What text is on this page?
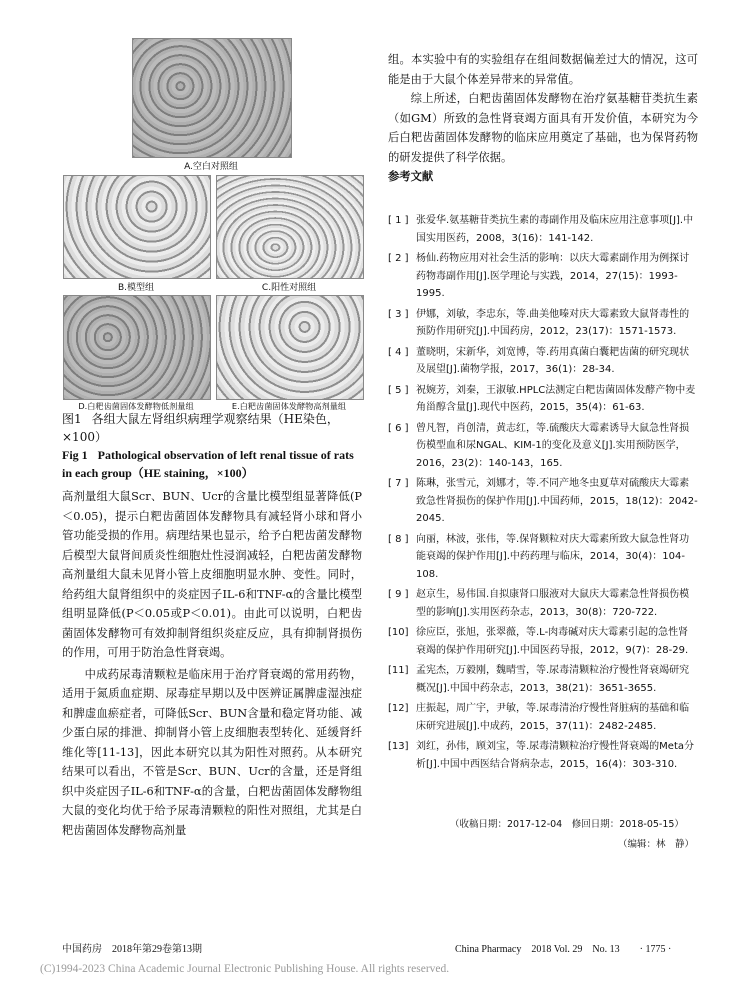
A.空白对照组
B.模型组	C.阳性对照组
D.白粑齿菌固体发酵物低剂量组	E.白粑齿菌固体发酵物高剂量组
图1 各组大鼠左肾组织病理学观察结果（HE染色，×100）
Fig 1 Pathological observation of left renal tissue of rats in each group（HE staining，×100）

高剂量组大鼠Scr、BUN、Ucr的含量比模型组显著降低(P＜0.05)，提示白粑齿菌固体发酵物具有减轻肾小球和肾小管功能受损的作用。病理结果也显示，给予白粑齿菌发酵物后模型大鼠肾间质炎性细胞灶性浸润减轻，白粑齿菌发酵物高剂量组大鼠未见肾小管上皮细胞明显水肿、变性。同时，给药组大鼠肾组织中的炎症因子IL-6和TNF-α的含量比模型组明显降低(P＜0.05或P＜0.01)。由此可以说明，白粑齿菌固体发酵物可有效抑制肾组织炎症反应，具有抑制肾损伤的作用，可用于防治急性肾衰竭。

中成药尿毒清颗粒是临床用于治疗肾衰竭的常用药物，适用于氮质血症期、尿毒症早期以及中医辨证属脾虚湿浊症和脾虚血瘀症者，可降低Scr、BUN含量和稳定肾功能、减少蛋白尿的排泄、抑制肾小管上皮细胞表型转化、延缓肾纤维化等[11-13]，因此本研究以其为阳性对照药。从本研究结果可以看出，不管是Scr、BUN、Ucr的含量，还是肾组织中炎症因子IL-6和TNF-α的含量，白粑齿菌固体发酵物组大鼠的变化均优于给予尿毒清颗粒的阳性对照组，尤其是白粑齿菌固体发酵物高剂量

组。本实验中有的实验组存在组间数据偏差过大的情况，这可能是由于大鼠个体差异带来的异常值。

综上所述，白粑齿菌固体发酵物在治疗氨基糖苷类抗生素（如GM）所致的急性肾衰竭方面具有开发价值，本研究为今后白粑齿菌固体发酵物的临床应用奠定了基础，也为保肾药物的研发提供了科学依据。

参考文献

[ 1 ] 张爱华.氨基糖苷类抗生素的毒副作用及临床应用注意事项[J].中国实用医药，2008，3(16)：141-142.
[ 2 ] 杨仙.药物应用对社会生活的影响：以庆大霉素副作用为例探讨药物毒副作用[J].医学理论与实践，2014，27(15)：1993-1995.
[ 3 ] 伊娜，刘敏，李忠东，等.曲美他嗪对庆大霉素致大鼠肾毒性的预防作用研究[J].中国药房，2012，23(17)：1571-1573.
[ 4 ] 董晓明，宋新华，刘宽博，等.药用真菌白囊耙齿菌的研究现状及展望[J].菌物学报，2017，36(1)：28-34.
[ 5 ] 祝婉芳，刘秦，王淑敏.HPLC法测定白粑齿菌固体发酵产物中麦角甾醇含量[J].现代中医药，2015，35(4)：61-63.
[ 6 ] 曾凡智，肖创清，黄志红，等.硫酸庆大霉素诱导大鼠急性肾损伤模型血和尿NGAL、KIM-1的变化及意义[J].实用预防医学，2016，23(2)：140-143，165.
[ 7 ] 陈琳，张雪元，刘娜才，等.不同产地冬虫夏草对硫酸庆大霉素致急性肾损伤的保护作用[J].中国药师，2015，18(12)：2042-2045.
[ 8 ] 向丽，林波，张伟，等.保肾颗粒对庆大霉素所致大鼠急性肾功能衰竭的保护作用[J].中药药理与临床，2014，30(4)：104-108.
[ 9 ] 赵京生，易伟国.自拟康肾口服液对大鼠庆大霉素急性肾损伤模型的影响[J].实用医药杂志，2013，30(8)：720-722.
[10] 徐应臣，张旭，张翠薇，等.L-肉毒碱对庆大霉素引起的急性肾衰竭的保护作用研究[J].中国医药导报，2012，9(7)：28-29.
[11] 孟宪杰，万毅刚，魏晴雪，等.尿毒清颗粒治疗慢性肾衰竭研究概况[J].中国中药杂志，2013，38(21)：3651-3655.
[12] 庄振起，周广宇，尹敏，等.尿毒清治疗慢性肾脏病的基础和临床研究进展[J].中成药，2015，37(11)：2482-2485.
[13] 刘红，孙伟，顾刘宝，等.尿毒清颗粒治疗慢性肾衰竭的Meta分析[J].中国中西医结合肾病杂志，2015，16(4)：303-310.
（收稿日期：2017-12-04　修回日期：2018-05-15）
（编辑：林　静）
中国药房　2018年第29卷第13期	China Pharmacy　2018 Vol. 29　No. 13　　· 1775 ·
(C)1994-2023 China Academic Journal Electronic Publishing House. All rights reserved.
